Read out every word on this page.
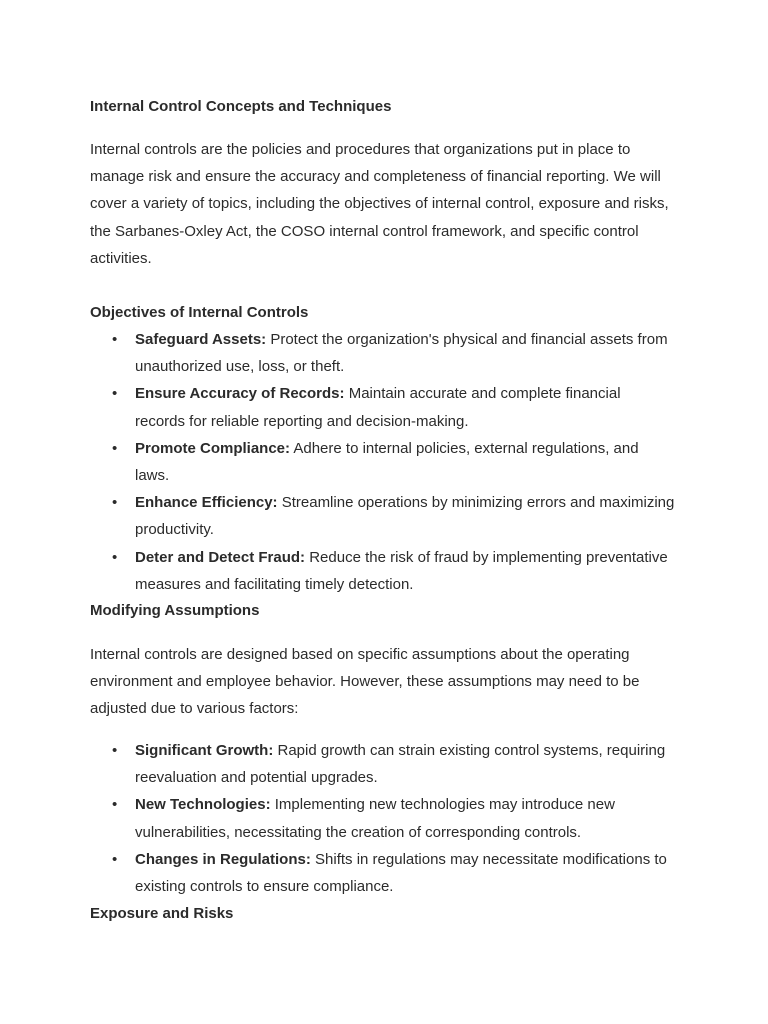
Internal Control Concepts and Techniques
Internal controls are the policies and procedures that organizations put in place to
manage risk and ensure the accuracy and completeness of financial reporting. We will
cover a variety of topics, including the objectives of internal control, exposure and risks,
the Sarbanes-Oxley Act, the COSO internal control framework, and specific control
activities.
Objectives of Internal Controls
• Safeguard Assets: Protect the organization's physical and financial assets from
unauthorized use, loss, or theft.
• Ensure Accuracy of Records: Maintain accurate and complete financial
records for reliable reporting and decision-making.
• Promote Compliance: Adhere to internal policies, external regulations, and
laws.
• Enhance Efficiency: Streamline operations by minimizing errors and maximizing
productivity.
• Deter and Detect Fraud: Reduce the risk of fraud by implementing preventative
measures and facilitating timely detection.
Modifying Assumptions
Internal controls are designed based on specific assumptions about the operating
environment and employee behavior. However, these assumptions may need to be
adjusted due to various factors:
• Significant Growth: Rapid growth can strain existing control systems, requiring
reevaluation and potential upgrades.
• New Technologies: Implementing new technologies may introduce new
vulnerabilities, necessitating the creation of corresponding controls.
• Changes in Regulations: Shifts in regulations may necessitate modifications to
existing controls to ensure compliance.
Exposure and Risks
